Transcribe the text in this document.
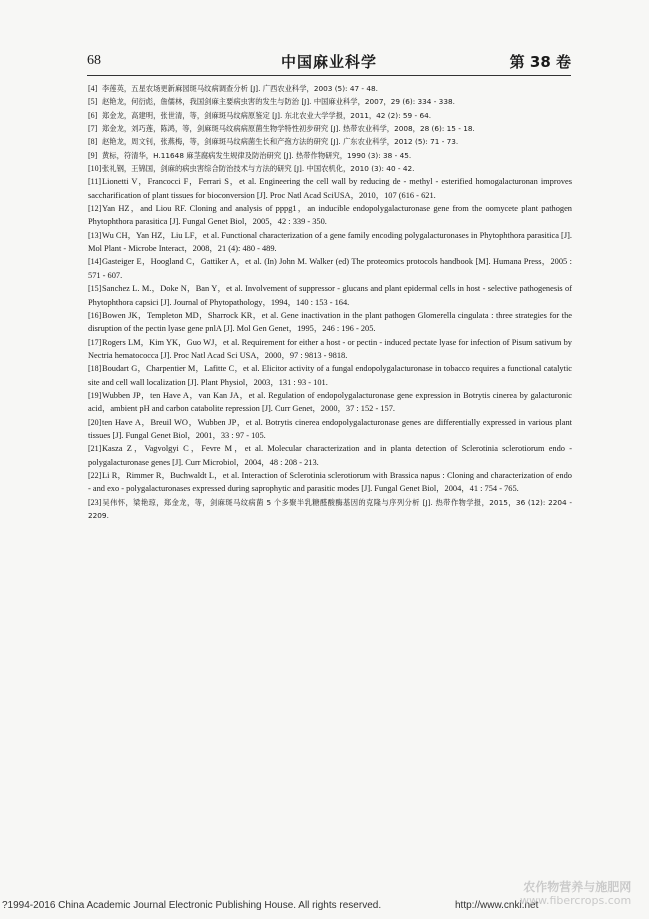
68	中国麻业科学	第 38 卷
[4] 李莲英，五星农场更新麻园斑马纹病调查分析 [J]. 广西农业科学，2003 (5): 47 - 48.
[5] 赵艳龙，何衍彪，詹儒林，我国剑麻主要病虫害的发生与防治 [J]. 中国麻业科学，2007，29 (6): 334 - 338.
[6] 郑金龙，高建明，张世清，等，剑麻斑马纹病原鉴定 [J]. 东北农业大学学报，2011，42 (2): 59 - 64.
[7] 郑金龙，刘巧莲，陈鸿，等，剑麻斑马纹病病原菌生物学特性初步研究 [J]. 热带农业科学，2008，28 (6): 15 - 18.
[8] 赵艳龙，周文钊，张燕梅，等，剑麻斑马纹病菌生长和产孢方法的研究 [J]. 广东农业科学，2012 (5): 71 - 73.
[9] 黄标，符清华，H.11648 麻茎腐病发生规律及防治研究 [J]. 热带作物研究，1990 (3): 38 - 45.
[10]张礼钢，王锦国，剑麻的病虫害综合防治技术与方法的研究 [J]. 中国农机化，2010 (3): 40 - 42.
[11]Lionetti V，Francocci F，Ferrari S，et al. Engineering the cell wall by reducing de - methyl - esterified homogalacturonan improves saccharification of plant tissues for bioconversion [J]. Proc Natl Acad SciUSA，2010，107 (616 - 621.
[12]Yan HZ，and Liou RF. Cloning and analysis of pppg1，an inducible endopolygalacturonase gene from the oomycete plant pathogen Phytophthora parasitica [J]. Fungal Genet Biol，2005，42 : 339 - 350.
[13]Wu CH，Yan HZ，Liu LF，et al. Functional characterization of a gene family encoding polygalacturonases in Phytophthora parasitica [J]. Mol Plant - Microbe Interact，2008，21 (4): 480 - 489.
[14]Gasteiger E，Hoogland C，Gattiker A，et al. (In) John M. Walker (ed) The proteomics protocols handbook [M]. Humana Press，2005 : 571 - 607.
[15]Sanchez L. M.，Doke N，Ban Y，et al. Involvement of suppressor - glucans and plant epidermal cells in host - selective pathogenesis of Phytophthora capsici [J]. Journal of Phytopathology，1994，140 : 153 - 164.
[16]Bowen JK，Templeton MD，Sharrock KR，et al. Gene inactivation in the plant pathogen Glomerella cingulata : three strategies for the disruption of the pectin lyase gene pnlA [J]. Mol Gen Genet，1995，246 : 196 - 205.
[17]Rogers LM，Kim YK，Guo WJ，et al. Requirement for either a host - or pectin - induced pectate lyase for infection of Pisum sativum by Nectria hematococca [J]. Proc Natl Acad Sci USA，2000，97 : 9813 - 9818.
[18]Boudart G，Charpentier M，Lafitte C，et al. Elicitor activity of a fungal endopolygalacturonase in tobacco requires a functional catalytic site and cell wall localization [J]. Plant Physiol，2003，131 : 93 - 101.
[19]Wubben JP，ten Have A，van Kan JA，et al. Regulation of endopolygalacturonase gene expression in Botrytis cinerea by galacturonic acid，ambient pH and carbon catabolite repression [J]. Curr Genet，2000，37 : 152 - 157.
[20]ten Have A，Breuil WO，Wubben JP，et al. Botrytis cinerea endopolygalacturonase genes are differentially expressed in various plant tissues [J]. Fungal Genet Biol，2001，33 : 97 - 105.
[21]Kasza Z，Vagvolgyi C，Fevre M，et al. Molecular characterization and in planta detection of Sclerotinia sclerotiorum endo - polygalacturonase genes [J]. Curr Microbiol，2004，48 : 208 - 213.
[22]Li R，Rimmer R，Buchwaldt L，et al. Interaction of Sclerotinia sclerotiorum with Brassica napus : Cloning and characterization of endo - and exo - polygalacturonases expressed during saprophytic and parasitic modes [J]. Fungal Genet Biol，2004，41 : 754 - 765.
[23]吴伟怀，梁艳琼，郑金龙，等，剑麻斑马纹病菌 5 个多聚半乳糖醛酸酶基因的克隆与序列分析 [J]. 热带作物学报，2015，36 (12): 2204 - 2209.
?1994-2016 China Academic Journal Electronic Publishing House. All rights reserved.	http://www.cnki.net
农作物营养与施肥网
www.fibercrops.com
